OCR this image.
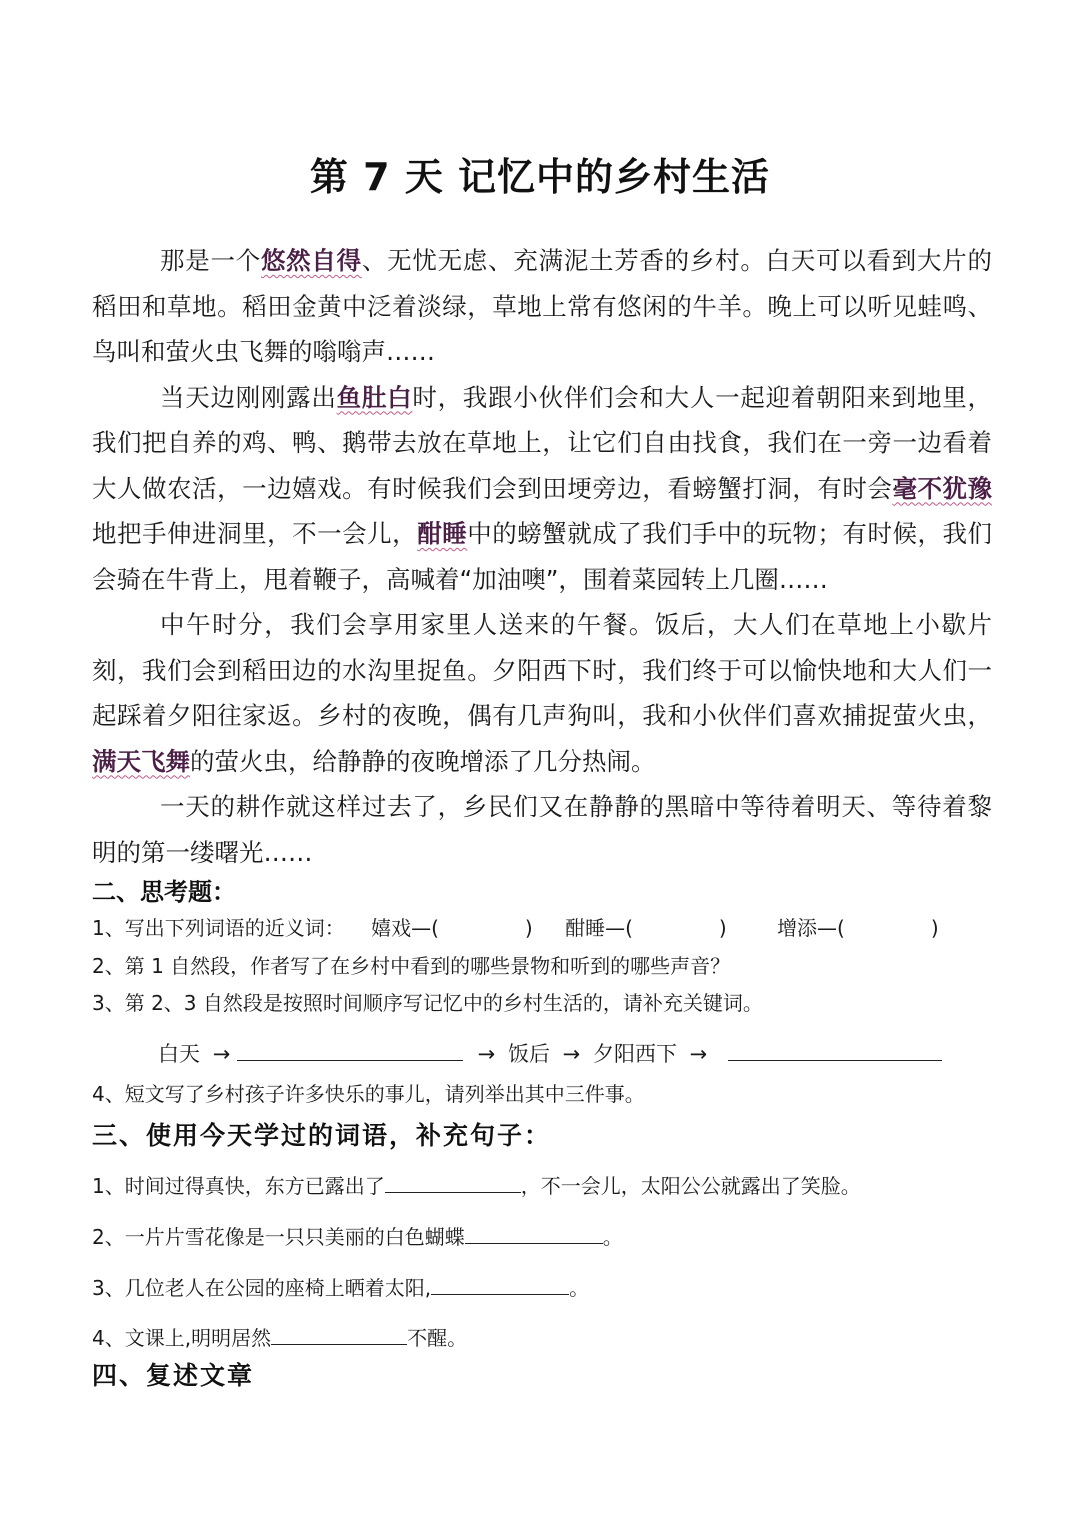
第 7 天 记忆中的乡村生活

那是一个悠然自得、无忧无虑、充满泥土芳香的乡村。白天可以看到大片的稻田和草地。稻田金黄中泛着淡绿，草地上常有悠闲的牛羊。晚上可以听见蛙鸣、鸟叫和萤火虫飞舞的嗡嗡声……

当天边刚刚露出鱼肚白时，我跟小伙伴们会和大人一起迎着朝阳来到地里，我们把自养的鸡、鸭、鹅带去放在草地上，让它们自由找食，我们在一旁一边看着大人做农活，一边嬉戏。有时候我们会到田埂旁边，看螃蟹打洞，有时会毫不犹豫地把手伸进洞里，不一会儿，酣睡中的螃蟹就成了我们手中的玩物；有时候，我们会骑在牛背上，甩着鞭子，高喊着“加油噢”，围着菜园转上几圈……

中午时分，我们会享用家里人送来的午餐。饭后，大人们在草地上小歇片刻，我们会到稻田边的水沟里捉鱼。夕阳西下时，我们终于可以愉快地和大人们一起踩着夕阳往家返。乡村的夜晚，偶有几声狗叫，我和小伙伴们喜欢捕捉萤火虫，满天飞舞的萤火虫，给静静的夜晚增添了几分热闹。

一天的耕作就这样过去了，乡民们又在静静的黑暗中等待着明天、等待着黎明的第一缕曙光……

二、思考题：
1、写出下列词语的近义词： 嬉戏—(	) 酣睡—(	)	增添—(	)
2、第 1 自然段，作者写了在乡村中看到的哪些景物和听到的哪些声音？
3、第 2、3 自然段是按照时间顺序写记忆中的乡村生活的，请补充关键词。
白天 →	→ 饭后 → 夕阳西下 →
4、短文写了乡村孩子许多快乐的事儿，请列举出其中三件事。
三、使用今天学过的词语，补充句子：
1、时间过得真快，东方已露出了	，不一会儿，太阳公公就露出了笑脸。
2、一片片雪花像是一只只美丽的白色蝴蝶	。
3、几位老人在公园的座椅上晒着太阳,	。
4、文课上,明明居然	不醒。
四、复述文章
